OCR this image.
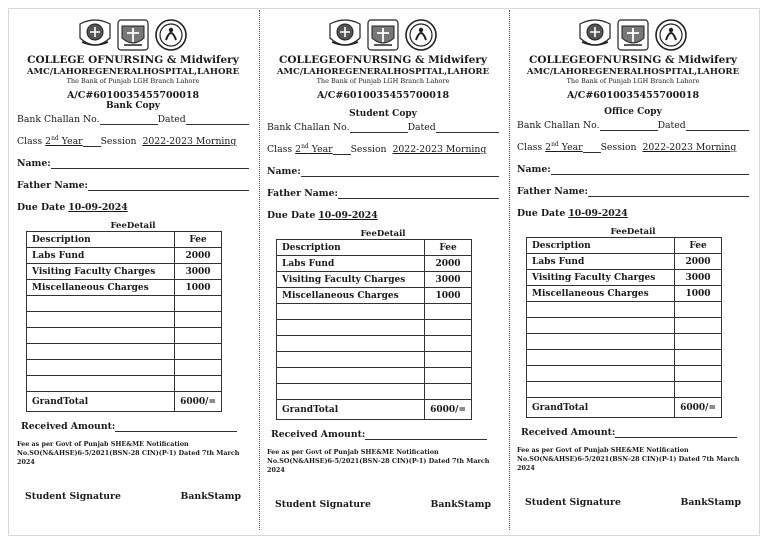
COLLEGE OFNURSING & Midwifery
AMC/LAHOREGENERALHOSPITAL,LAHORE
The Bank of Punjab LGH Branch Lahore
A/C#6010035455700018
Bank Copy
Bank Challan No.	Dated
Class
2nd Year Session
2022-2023 Morning
Name:
Father Name:
Due Date
10-09-2024
FeeDetail
Description	Fee
Labs Fund	2000
Visiting Faculty Charges	3000
Miscellaneous Charges	1000

GrandTotal	6000/=
Received Amount:
Fee as per Govt of Punjab SHE&ME Notification No.SO(N&AHSE)6-5/2021(BSN-28 CIN)(P-1) Dated 7th March 2024
Student Signature	BankStamp
COLLEGEOFNURSING & Midwifery
AMC/LAHOREGENERALHOSPITAL,LAHORE
The Bank of Punjab LGH Branch Lahore
A/C#6010035455700018
Student Copy
Bank Challan No.	Dated
Class
2nd Year Session
2022-2023 Morning
Name:
Father Name:
Due Date
10-09-2024
FeeDetail
Description	Fee
Labs Fund	2000
Visiting Faculty Charges	3000
Miscellaneous Charges	1000

GrandTotal	6000/=
Received Amount:
Fee as per Govt of Punjab SHE&ME Notification No.SO(N&AHSE)6-5/2021(BSN-28 CIN)(P-1) Dated 7th March 2024
Student Signature	BankStamp
COLLEGEOFNURSING & Midwifery
AMC/LAHOREGENERALHOSPITAL,LAHORE
The Bank of Punjab LGH Branch Lahore
A/C#6010035455700018
Office Copy
Bank Challan No.	Dated
Class
2nd Year Session
2022-2023 Morning
Name:
Father Name:
Due Date
10-09-2024
FeeDetail
Description	Fee
Labs Fund	2000
Visiting Faculty Charges	3000
Miscellaneous Charges	1000

GrandTotal	6000/=
Received Amount:
Fee as per Govt of Punjab SHE&ME Notification No.SO(N&AHSE)6-5/2021(BSN-28 CIN)(P-1) Dated 7th March 2024
Student Signature	BankStamp
